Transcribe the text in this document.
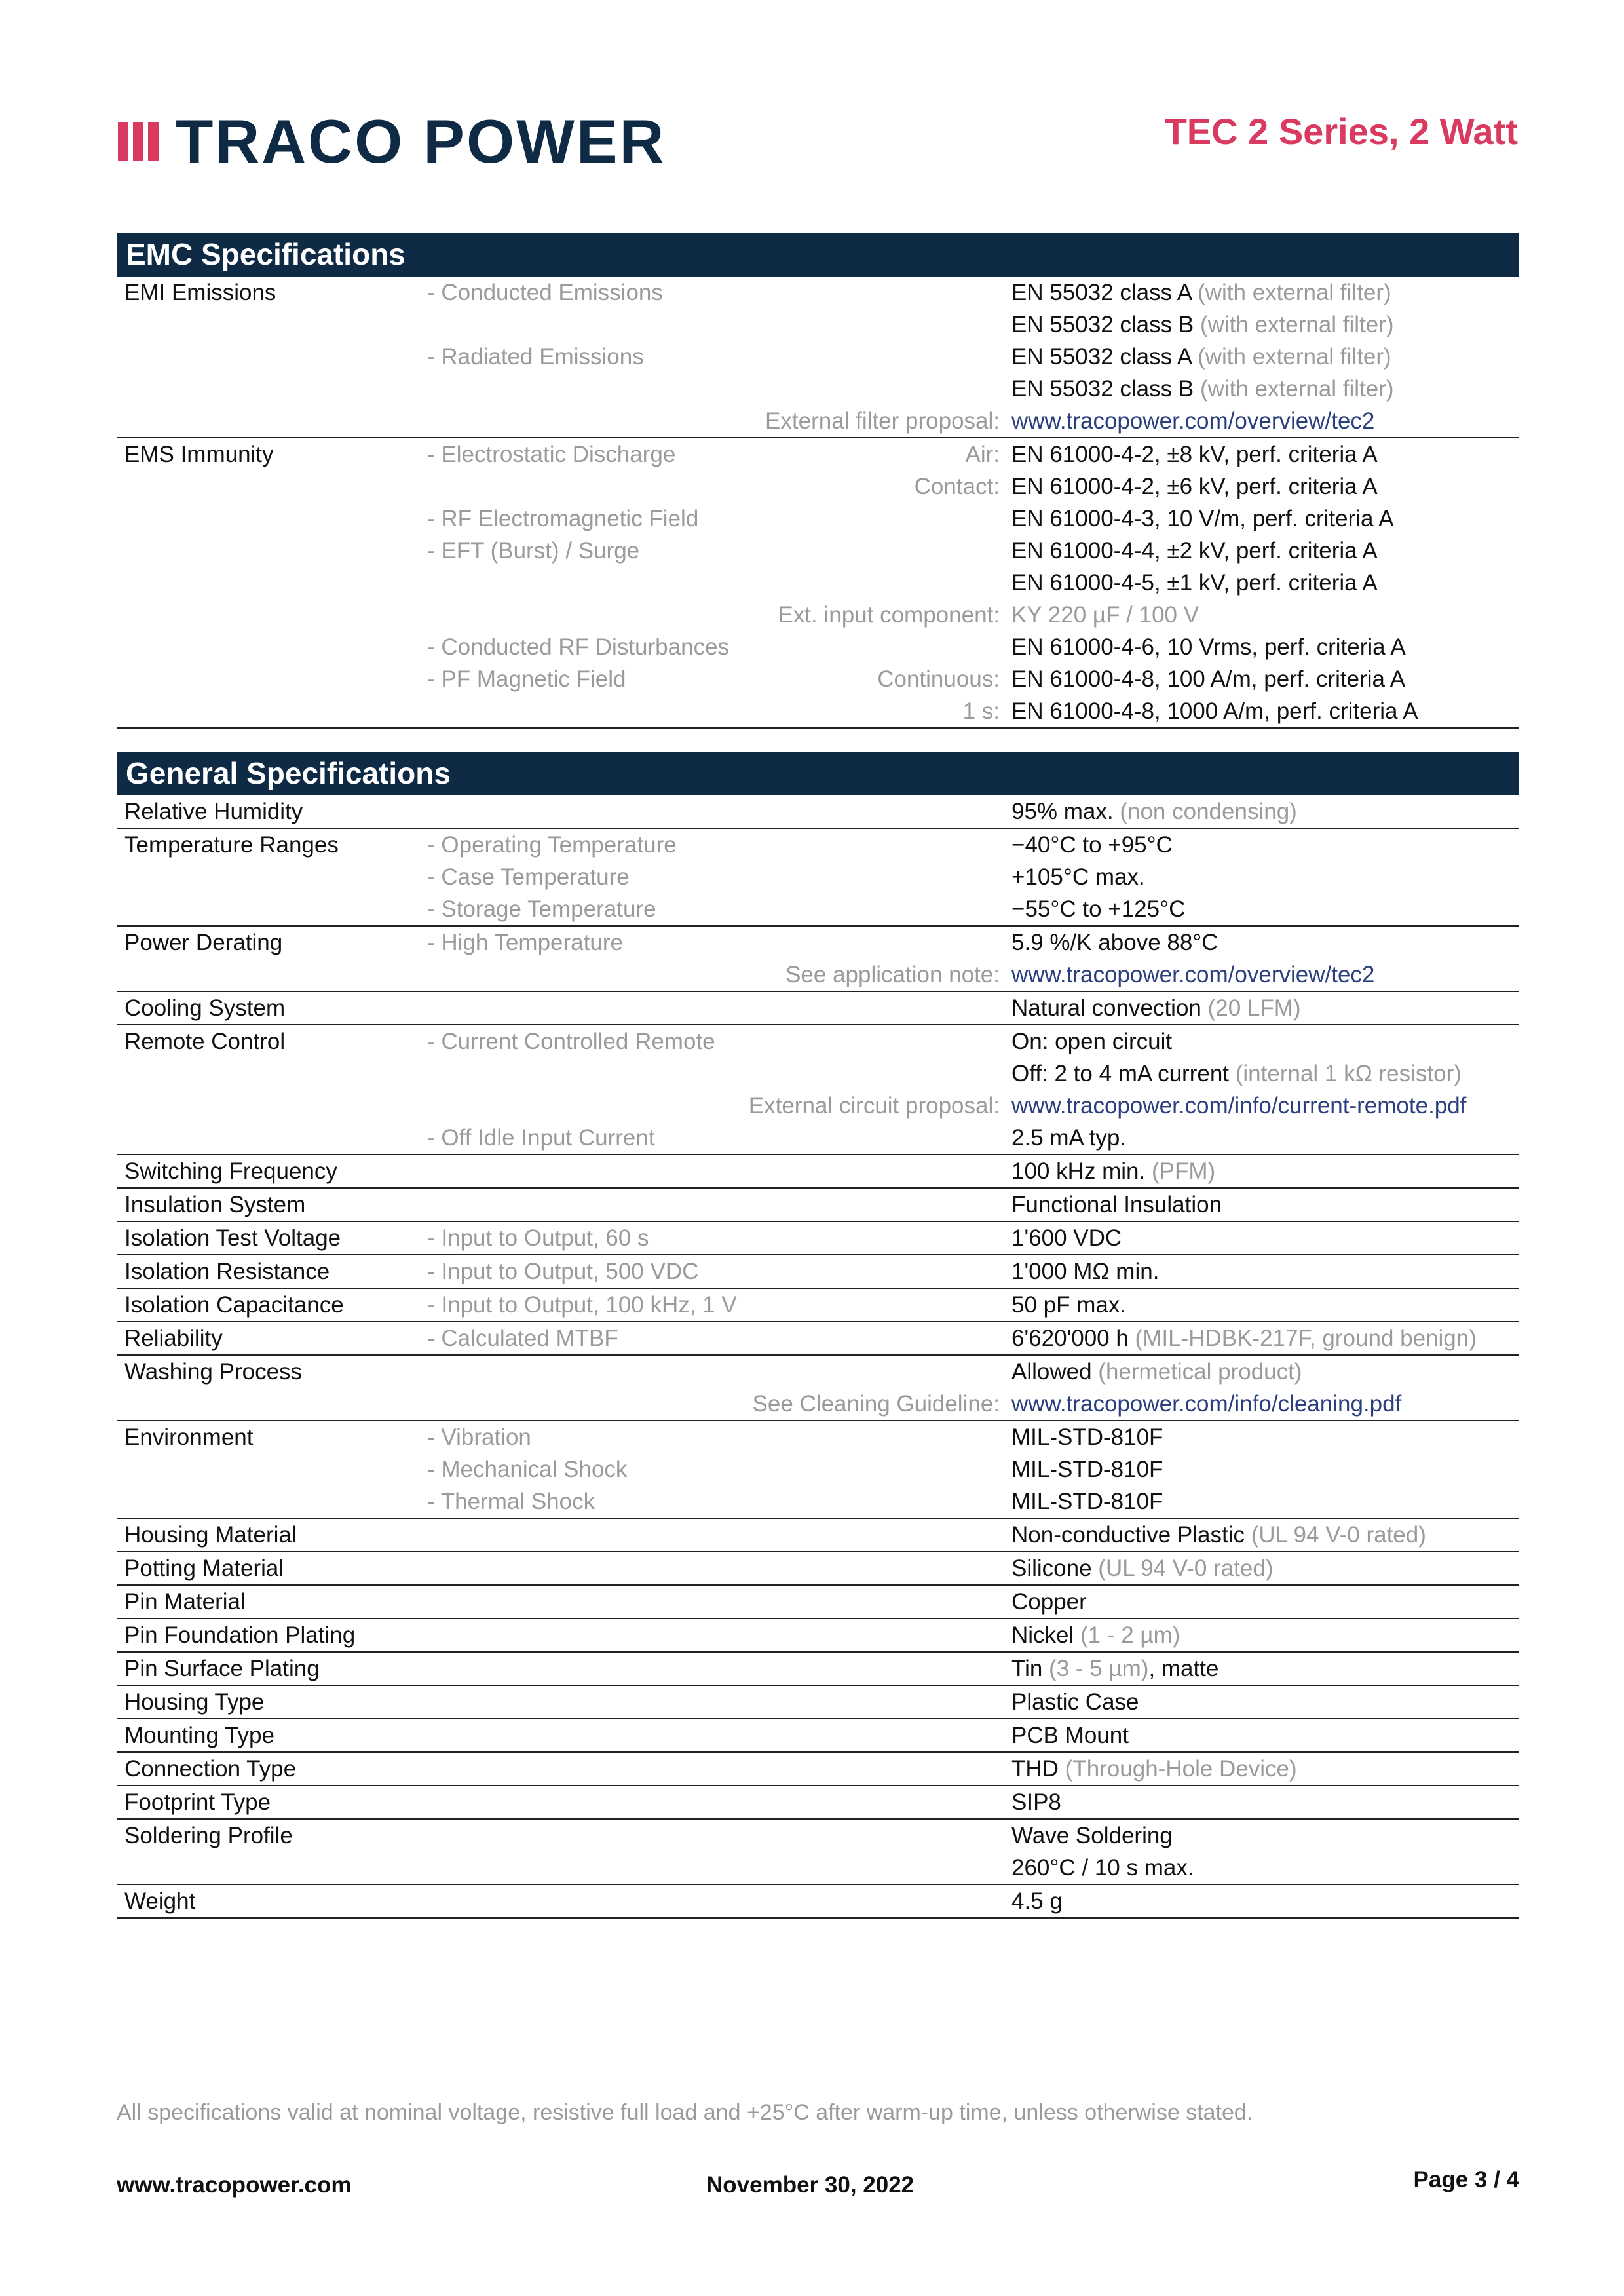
TRACO POWER	TEC 2 Series, 2 Watt
EMC Specifications
EMI Emissions	- Conducted Emissions	EN 55032 class A (with external filter)
EN 55032 class B (with external filter)
- Radiated Emissions	EN 55032 class A (with external filter)
EN 55032 class B (with external filter)
External filter proposal: www.tracopower.com/overview/tec2
EMS Immunity	- Electrostatic Discharge	Air: EN 61000-4-2, ±8 kV, perf. criteria A
Contact: EN 61000-4-2, ±6 kV, perf. criteria A
- RF Electromagnetic Field	EN 61000-4-3, 10 V/m, perf. criteria A
- EFT (Burst) / Surge	EN 61000-4-4, ±2 kV, perf. criteria A
EN 61000-4-5, ±1 kV, perf. criteria A
Ext. input component: KY 220 µF / 100 V
- Conducted RF Disturbances	EN 61000-4-6, 10 Vrms, perf. criteria A
- PF Magnetic Field	Continuous: EN 61000-4-8, 100 A/m, perf. criteria A
1 s: EN 61000-4-8, 1000 A/m, perf. criteria A
General Specifications
Relative Humidity	95% max. (non condensing)
Temperature Ranges	- Operating Temperature	−40°C to +95°C
- Case Temperature	+105°C max.
- Storage Temperature	−55°C to +125°C
Power Derating	- High Temperature	5.9 %/K above 88°C
See application note: www.tracopower.com/overview/tec2
Cooling System	Natural convection (20 LFM)
Remote Control	- Current Controlled Remote	On: open circuit
Off: 2 to 4 mA current (internal 1 kΩ resistor)
External circuit proposal: www.tracopower.com/info/current-remote.pdf
- Off Idle Input Current	2.5 mA typ.
Switching Frequency	100 kHz min. (PFM)
Insulation System	Functional Insulation
Isolation Test Voltage	- Input to Output, 60 s	1'600 VDC
Isolation Resistance	- Input to Output, 500 VDC	1'000 MΩ min.
Isolation Capacitance	- Input to Output, 100 kHz, 1 V	50 pF max.
Reliability	- Calculated MTBF	6'620'000 h (MIL-HDBK-217F, ground benign)
Washing Process	Allowed (hermetical product)
See Cleaning Guideline: www.tracopower.com/info/cleaning.pdf
Environment	- Vibration	MIL-STD-810F
- Mechanical Shock	MIL-STD-810F
- Thermal Shock	MIL-STD-810F
Housing Material	Non-conductive Plastic (UL 94 V-0 rated)
Potting Material	Silicone (UL 94 V-0 rated)
Pin Material	Copper
Pin Foundation Plating	Nickel (1 - 2 µm)
Pin Surface Plating	Tin (3 - 5 µm), matte
Housing Type	Plastic Case
Mounting Type	PCB Mount
Connection Type	THD (Through-Hole Device)
Footprint Type	SIP8
Soldering Profile	Wave Soldering
260°C / 10 s max.
Weight	4.5 g
All specifications valid at nominal voltage, resistive full load and +25°C after warm-up time, unless otherwise stated.
www.tracopower.com	November 30, 2022	Page 3 / 4
